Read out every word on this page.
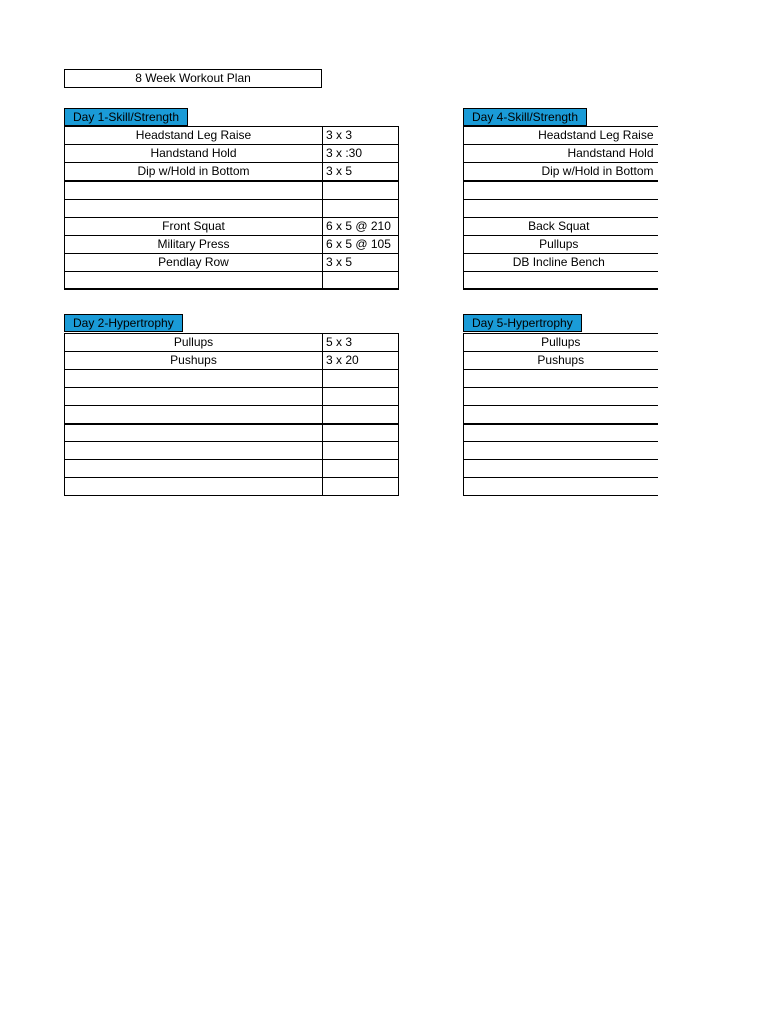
8 Week Workout Plan
Day 1-Skill/Strength
Headstand Leg Raise	3 x 3
Handstand Hold	3 x :30
Dip w/Hold in Bottom	3 x 5

Front Squat	6 x 5 @ 210
Military Press	6 x 5 @ 105
Pendlay Row	3 x 5

Day 4-Skill/Strength
Headstand Leg Raise
Handstand Hold
Dip w/Hold in Bottom

Back Squat
Pullups
DB Incline Bench

Day 2-Hypertrophy
Pullups	5 x 3
Pushups	3 x 20

Day 5-Hypertrophy
Pullups
Pushups
